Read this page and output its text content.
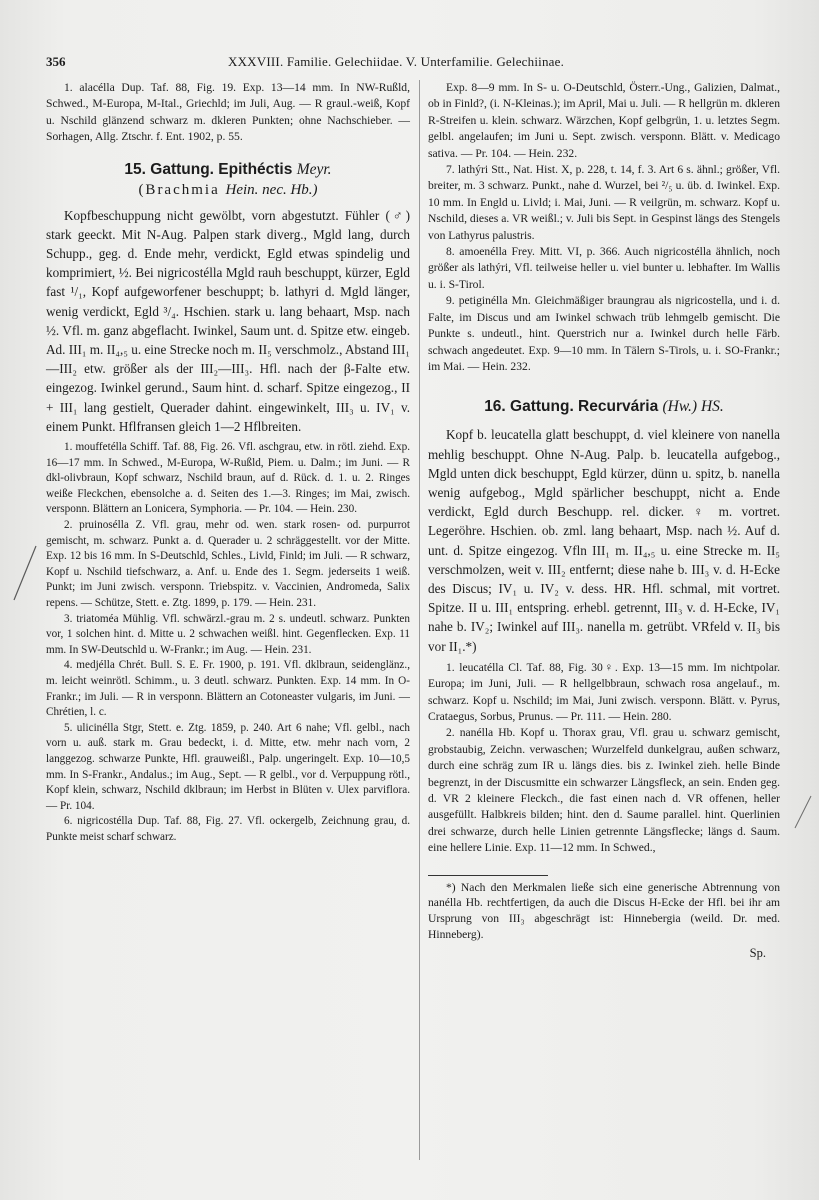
356	XXXVIII. Familie. Gelechiidae. V. Unterfamilie. Gelechiinae.

1. alacélla Dup. Taf. 88, Fig. 19. Exp. 13—14 mm. In NW-Rußld, Schwed., M-Europa, M-Ital., Griechld; im Juli, Aug. — R graul.-weiß, Kopf u. Nschild glänzend schwarz m. dkleren Punkten; ohne Nachschieber. — Sorhagen, Allg. Ztschr. f. Ent. 1902, p. 55.

15. Gattung. Epithéctis Meyr.
(Brachmia Hein. nec. Hb.)

Kopfbeschuppung nicht gewölbt, vorn abgestutzt. Fühler (♂) stark geeckt. Mit N-Aug. Palpen stark diverg., Mgld lang, durch Schupp., geg. d. Ende mehr, verdickt, Egld etwas spindelig und komprimiert, ½. Bei nigricostélla Mgld rauh beschuppt, kürzer, Egld fast ¹/₁, Kopf aufgeworfener beschuppt; b. lathyri d. Mgld länger, wenig verdickt, Egld ³/₄. Hschien. stark u. lang behaart, Msp. nach ½. Vfl. m. ganz abgeflacht. Iwinkel, Saum unt. d. Spitze etw. eingeb. Ad. III₁ m. II₄,₅ u. eine Strecke noch m. II₅ verschmolz., Abstand III₁—III₂ etw. größer als der III₂—III₃. Hfl. nach der β-Falte etw. eingezog. Iwinkel gerund., Saum hint. d. scharf. Spitze eingezog., II + III₁ lang gestielt, Querader dahint. eingewinkelt, III₃ u. IV₁ v. einem Punkt. Hflfransen gleich 1—2 Hflbreiten.

1. mouffetélla Schiff. Taf. 88, Fig. 26. Vfl. aschgrau, etw. in rötl. ziehd. Exp. 16—17 mm. In Schwed., M-Europa, W-Rußld, Piem. u. Dalm.; im Juni. — R dkl-olivbraun, Kopf schwarz, Nschild braun, auf d. Rück. d. 1. u. 2. Ringes weiße Fleckchen, ebensolche a. d. Seiten des 1.—3. Ringes; im Mai, zwisch. versponn. Blättern an Lonicera, Symphoria. — Pr. 104. — Hein. 230.

2. pruinosélla Z. Vfl. grau, mehr od. wen. stark rosen- od. purpurrot gemischt, m. schwarz. Punkt a. d. Querader u. 2 schräggestellt. vor der Mitte. Exp. 12 bis 16 mm. In S-Deutschld, Schles., Livld, Finld; im Juli. — R schwarz, Kopf u. Nschild tiefschwarz, a. Anf. u. Ende des 1. Segm. jederseits 1 weiß. Punkt; im Juni zwisch. versponn. Triebspitz. v. Vaccinien, Andromeda, Salix repens. — Schütze, Stett. e. Ztg. 1899, p. 179. — Hein. 231.

3. triatoméa Mühlig. Vfl. schwärzl.-grau m. 2 s. undeutl. schwarz. Punkten vor, 1 solchen hint. d. Mitte u. 2 schwachen weißl. hint. Gegenflecken. Exp. 11 mm. In SW-Deutschld u. W-Frankr.; im Aug. — Hein. 231.

4. medjélla Chrét. Bull. S. E. Fr. 1900, p. 191. Vfl. dklbraun, seidenglänz., m. leicht weinrötl. Schimm., u. 3 deutl. schwarz. Punkten. Exp. 14 mm. In O-Frankr.; im Juli. — R in versponn. Blättern an Cotoneaster vulgaris, im Juni. — Chrétien, l. c.

5. ulicinélla Stgr, Stett. e. Ztg. 1859, p. 240. Art 6 nahe; Vfl. gelbl., nach vorn u. auß. stark m. Grau bedeckt, i. d. Mitte, etw. mehr nach vorn, 2 langgezog. schwarze Punkte, Hfl. grauweißl., Palp. ungeringelt. Exp. 10—10,5 mm. In S-Frankr., Andalus.; im Aug., Sept. — R gelbl., vor d. Verpuppung rötl., Kopf klein, schwarz, Nschild dklbraun; im Herbst in Blüten v. Ulex parviflora. — Pr. 104.

6. nigricostélla Dup. Taf. 88, Fig. 27. Vfl. ockergelb, Zeichnung grau, d. Punkte meist scharf schwarz.

Exp. 8—9 mm. In S- u. O-Deutschld, Österr.-Ung., Galizien, Dalmat., ob in Finld?, (i. N-Kleinas.); im April, Mai u. Juli. — R hellgrün m. dkleren R-Streifen u. klein. schwarz. Wärzchen, Kopf gelbgrün, 1. u. letztes Segm. gelbl. angelaufen; im Juni u. Sept. zwisch. versponn. Blätt. v. Medicago sativa. — Pr. 104. — Hein. 232.

7. lathýri Stt., Nat. Hist. X, p. 228, t. 14, f. 3. Art 6 s. ähnl.; größer, Vfl. breiter, m. 3 schwarz. Punkt., nahe d. Wurzel, bei ²/₅ u. üb. d. Iwinkel. Exp. 10 mm. In Engld u. Livld; i. Mai, Juni. — R veilgrün, m. schwarz. Kopf u. Nschild, dieses a. VR weißl.; v. Juli bis Sept. in Gespinst längs des Stengels von Lathyrus palustris.

8. amoenélla Frey. Mitt. VI, p. 366. Auch nigricostélla ähnlich, noch größer als lathýri, Vfl. teilweise heller u. viel bunter u. lebhafter. Im Wallis u. i. S-Tirol.

9. petiginélla Mn. Gleichmäßiger braungrau als nigricostella, und i. d. Falte, im Discus und am Iwinkel schwach trüb lehmgelb gemischt. Die Punkte s. undeutl., hint. Querstrich nur a. Iwinkel durch helle Färb. schwach angedeutet. Exp. 9—10 mm. In Tälern S-Tirols, u. i. SO-Frankr.; im Mai. — Hein. 232.

16. Gattung. Recurvária (Hw.) HS.

Kopf b. leucatella glatt beschuppt, d. viel kleinere von nanella mehlig beschuppt. Ohne N-Aug. Palp. b. leucatella aufgebog., Mgld unten dick beschuppt, Egld kürzer, dünn u. spitz, b. nanella wenig aufgebog., Mgld spärlicher beschuppt, nicht a. Ende verdickt, Egld durch Beschupp. rel. dicker. ♀ m. vortret. Legeröhre. Hschien. ob. zml. lang behaart, Msp. nach ½. Auf d. unt. d. Spitze eingezog. Vfln III₁ m. II₄,₅ u. eine Strecke m. II₅ verschmolzen, weit v. III₂ entfernt; diese nahe b. III₃ v. d. H-Ecke des Discus; IV₁ u. IV₂ v. dess. HR. Hfl. schmal, mit vortret. Spitze. II u. III₁ entspring. erhebl. getrennt, III₃ v. d. H-Ecke, IV₁ nahe b. IV₂; Iwinkel auf III₃. nanella m. getrübt. VRfeld v. II₃ bis vor II₁.*)

1. leucatélla Cl. Taf. 88, Fig. 30♀. Exp. 13—15 mm. Im nichtpolar. Europa; im Juni, Juli. — R hellgelbbraun, schwach rosa angelauf., m. schwarz. Kopf u. Nschild; im Mai, Juni zwisch. versponn. Blätt. v. Pyrus, Crataegus, Sorbus, Prunus. — Pr. 111. — Hein. 280.

2. nanélla Hb. Kopf u. Thorax grau, Vfl. grau u. schwarz gemischt, grobstaubig, Zeichn. verwaschen; Wurzelfeld dunkelgrau, außen schwarz, durch eine schräg zum IR u. längs dies. bis z. Iwinkel zieh. helle Binde begrenzt, in der Discusmitte ein schwarzer Längsfleck, an sein. Enden geg. d. VR 2 kleinere Fleckch., die fast einen nach d. VR offenen, heller ausgefüllt. Halbkreis bilden; hint. den d. Saume parallel. hint. Querlinien drei schwarze, durch helle Linien getrennte Längsflecke; längs d. Saum. eine hellere Linie. Exp. 11—12 mm. In Schwed.,

*) Nach den Merkmalen ließe sich eine generische Abtrennung von nanélla Hb. rechtfertigen, da auch die Discus H-Ecke der Hfl. bei ihr am Ursprung von III₃ abgeschrägt ist: Hinnebergia (weild. Dr. med. Hinneberg).

Sp.
